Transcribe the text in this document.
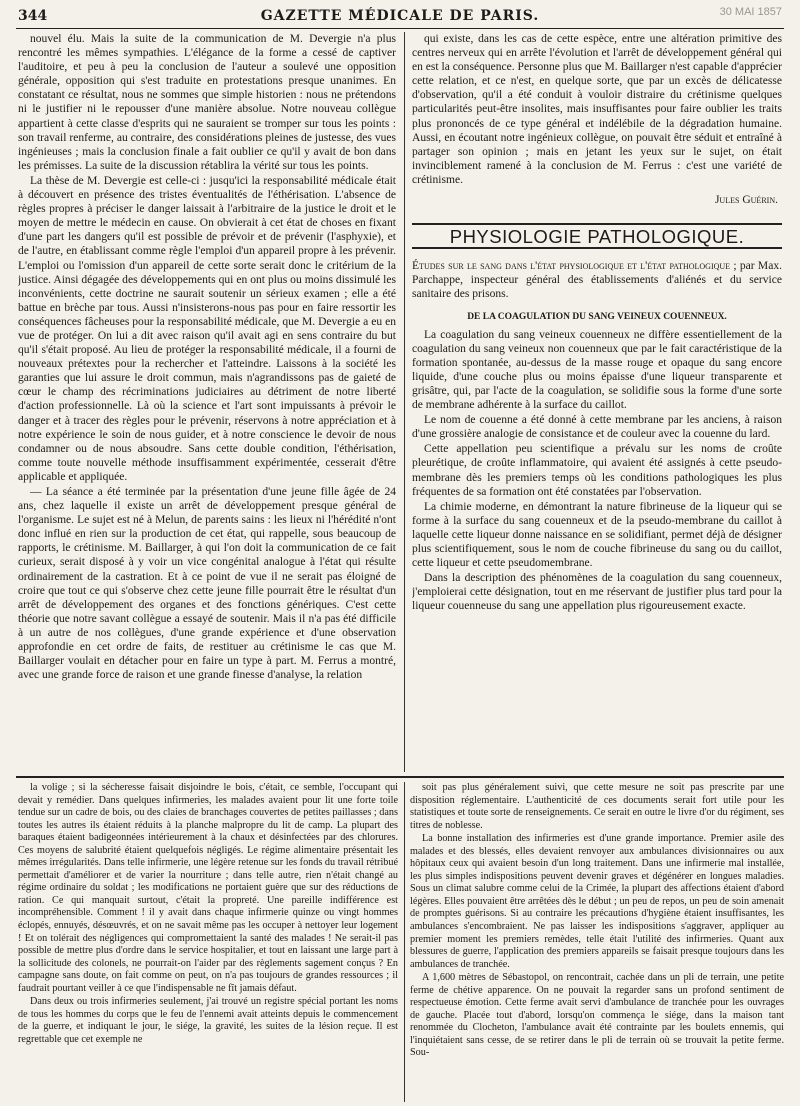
344	GAZETTE MÉDICALE DE PARIS.	30 MAI 1857

nouvel élu. Mais la suite de la communication de M. Devergie n'a plus rencontré les mêmes sympathies. L'élégance de la forme a cessé de captiver l'auditoire, et peu à peu la conclusion de l'auteur a soulevé une opposition générale, opposition qui s'est traduite en protestations presque unanimes. En constatant ce résultat, nous ne sommes que simple historien : nous ne prétendons ni le justifier ni le repousser d'une manière absolue. Notre nouveau collègue appartient à cette classe d'esprits qui ne sauraient se tromper sur tous les points : son travail renferme, au contraire, des considérations pleines de justesse, des vues ingénieuses ; mais la conclusion finale a fait oublier ce qu'il y avait de bon dans les prémisses. La suite de la discussion rétablira la vérité sur tous les points.

La thèse de M. Devergie est celle-ci : jusqu'ici la responsabilité médicale était à découvert en présence des tristes éventualités de l'éthérisation. L'absence de règles propres à préciser le danger laissait à l'arbitraire de la justice le droit et le moyen de mettre le médecin en cause. On obvierait à cet état de choses en fixant d'une part les dangers qu'il est possible de prévoir et de prévenir (l'asphyxie), et de l'autre, en établissant comme règle l'emploi d'un appareil propre à les prévenir. L'emploi ou l'omission d'un appareil de cette sorte serait donc le critérium de la justice. Ainsi dégagée des développements qui en ont plus ou moins dissimulé les inconvénients, cette doctrine ne saurait soutenir un sérieux examen ; elle a été battue en brèche par tous. Aussi n'insisterons-nous pas pour en faire ressortir les conséquences fâcheuses pour la responsabilité médicale, que M. Devergie a eu en vue de protéger. On lui a dit avec raison qu'il avait agi en sens contraire du but qu'il s'était proposé. Au lieu de protéger la responsabilité médicale, il a fourni de nouveaux prétextes pour la rechercher et l'atteindre. Laissons à la société les garanties que lui assure le droit commun, mais n'agrandissons pas de gaieté de cœur le champ des récriminations judiciaires au détriment de notre liberté d'action professionnelle. Là où la science et l'art sont impuissants à prévoir le danger et à tracer des règles pour le prévenir, réservons à notre appréciation et à notre expérience le soin de nous guider, et à notre conscience le devoir de nous condamner ou de nous absoudre. Sans cette double condition, l'éthérisation, comme toute nouvelle méthode insuffisamment expérimentée, cesserait d'être applicable et appliquée.

— La séance a été terminée par la présentation d'une jeune fille âgée de 24 ans, chez laquelle il existe un arrêt de développement presque général de l'organisme. Le sujet est né à Melun, de parents sains : les lieux ni l'hérédité n'ont donc influé en rien sur la production de cet état, qui rappelle, sous beaucoup de rapports, le crétinisme. M. Baillarger, à qui l'on doit la communication de ce fait curieux, serait disposé à y voir un vice congénital analogue à l'état qui résulte ordinairement de la castration. Et à ce point de vue il ne serait pas éloigné de croire que tout ce qui s'observe chez cette jeune fille pourrait être le résultat d'un arrêt de développement des organes et des fonctions génériques. C'est cette théorie que notre savant collègue a essayé de soutenir. Mais il n'a pas été difficile à un autre de nos collègues, d'une grande expérience et d'une observation approfondie en cet ordre de faits, de restituer au crétinisme le cas que M. Baillarger voulait en détacher pour en faire un type à part. M. Ferrus a montré, avec une grande force de raison et une grande finesse d'analyse, la relation

qui existe, dans les cas de cette espèce, entre une altération primitive des centres nerveux qui en arrête l'évolution et l'arrêt de développement général qui en est la conséquence. Personne plus que M. Baillarger n'est capable d'apprécier cette relation, et ce n'est, en quelque sorte, que par un excès de délicatesse d'observation, qu'il a été conduit à vouloir distraire du crétinisme quelques particularités peut-être insolites, mais insuffisantes pour faire oublier les traits plus prononcés de ce type général et indélébile de la dégradation humaine. Aussi, en écoutant notre ingénieux collègue, on pouvait être séduit et entraîné à partager son opinion ; mais en jetant les yeux sur le sujet, on était invinciblement ramené à la conclusion de M. Ferrus : c'est une variété de crétinisme.

Jules Guérin.

PHYSIOLOGIE PATHOLOGIQUE.

Études sur le sang dans l'état physiologique et l'état pathologique ; par Max. Parchappe, inspecteur général des établissements d'aliénés et du service sanitaire des prisons.

DE LA COAGULATION DU SANG VEINEUX COUENNEUX.

La coagulation du sang veineux couenneux ne diffère essentiellement de la coagulation du sang veineux non couenneux que par le fait caractéristique de la formation spontanée, au-dessus de la masse rouge et opaque du sang encore liquide, d'une couche plus ou moins épaisse d'une liqueur transparente et grisâtre, qui, par l'acte de la coagulation, se solidifie sous la forme d'une sorte de membrane adhérente à la surface du caillot.

Le nom de couenne a été donné à cette membrane par les anciens, à raison d'une grossière analogie de consistance et de couleur avec la couenne du lard.

Cette appellation peu scientifique a prévalu sur les noms de croûte pleurétique, de croûte inflammatoire, qui avaient été assignés à cette pseudo-membrane dès les premiers temps où les conditions pathologiques les plus fréquentes de sa formation ont été constatées par l'observation.

La chimie moderne, en démontrant la nature fibrineuse de la liqueur qui se forme à la surface du sang couenneux et de la pseudo-membrane du caillot à laquelle cette liqueur donne naissance en se solidifiant, permet déjà de désigner plus scientifiquement, sous le nom de couche fibrineuse du sang ou du caillot, cette liqueur et cette pseudomembrane.

Dans la description des phénomènes de la coagulation du sang couenneux, j'emploierai cette désignation, tout en me réservant de justifier plus tard pour la liqueur couenneuse du sang une appellation plus rigoureusement exacte.

la volige ; si la sécheresse faisait disjoindre le bois, c'était, ce semble, l'occupant qui devait y remédier. Dans quelques infirmeries, les malades avaient pour lit une forte toile tendue sur un cadre de bois, ou des claies de branchages couvertes de petites paillasses ; dans toutes les autres ils étaient réduits à la planche malpropre du lit de camp. La plupart des baraques étaient badigeonnées intérieurement à la chaux et désinfectées par des chlorures. Ces moyens de salubrité étaient quelquefois négligés. Le régime alimentaire présentait les mêmes irrégularités. Dans telle infirmerie, une légère retenue sur les fonds du travail rétribué permettait d'améliorer et de varier la nourriture ; dans telle autre, rien n'était changé au régime ordinaire du soldat ; les modifications ne portaient guère que sur des réductions de ration. Ce qui manquait surtout, c'était la propreté. Une pareille indifférence est incompréhensible. Comment ! il y avait dans chaque infirmerie quinze ou vingt hommes éclopés, ennuyés, désœuvrés, et on ne savait même pas les occuper à nettoyer leur logement ! Et on tolérait des négligences qui compromettaient la santé des malades ! Ne serait-il pas possible de mettre plus d'ordre dans le service hospitalier, et tout en laissant une large part à la sollicitude des colonels, ne pourrait-on l'aider par des règlements sagement conçus ? En campagne sans doute, on fait comme on peut, on n'a pas toujours de grandes ressources ; il faudrait pourtant veiller à ce que l'indispensable ne fît jamais défaut.

Dans deux ou trois infirmeries seulement, j'ai trouvé un registre spécial portant les noms de tous les hommes du corps que le feu de l'ennemi avait atteints depuis le commencement de la guerre, et indiquant le jour, le siége, la gravité, les suites de la lésion reçue. Il est regrettable que cet exemple ne

soit pas plus généralement suivi, que cette mesure ne soit pas prescrite par une disposition réglementaire. L'authenticité de ces documents serait fort utile pour les statistiques et toute sorte de renseignements. Ce serait en outre le livre d'or du régiment, ses titres de noblesse.

La bonne installation des infirmeries est d'une grande importance. Premier asile des malades et des blessés, elles devaient renvoyer aux ambulances divisionnaires ou aux hôpitaux ceux qui avaient besoin d'un long traitement. Dans une infirmerie mal installée, les plus simples indispositions peuvent devenir graves et dégénérer en longues maladies. Sous un climat salubre comme celui de la Crimée, la plupart des affections étaient d'abord légères. Elles pouvaient être arrêtées dès le début ; un peu de repos, un peu de soin amenait de promptes guérisons. Si au contraire les précautions d'hygiène étaient insuffisantes, les ambulances s'encombraient. Ne pas laisser les indispositions s'aggraver, appliquer au premier moment les premiers remèdes, telle était l'utilité des infirmeries. Quant aux blessures de guerre, l'application des premiers appareils se faisait presque toujours dans les ambulances de tranchée.

A 1,600 mètres de Sébastopol, on rencontrait, cachée dans un pli de terrain, une petite ferme de chétive apparence. On ne pouvait la regarder sans un profond sentiment de respectueuse émotion. Cette ferme avait servi d'ambulance de tranchée pour les ouvrages de gauche. Placée tout d'abord, lorsqu'on commença le siége, dans la maison tant renommée du Clocheton, l'ambulance avait été contrainte par les boulets ennemis, qui l'inquiétaient sans cesse, de se retirer dans le pli de terrain où se trouvait la petite ferme. Sou-
